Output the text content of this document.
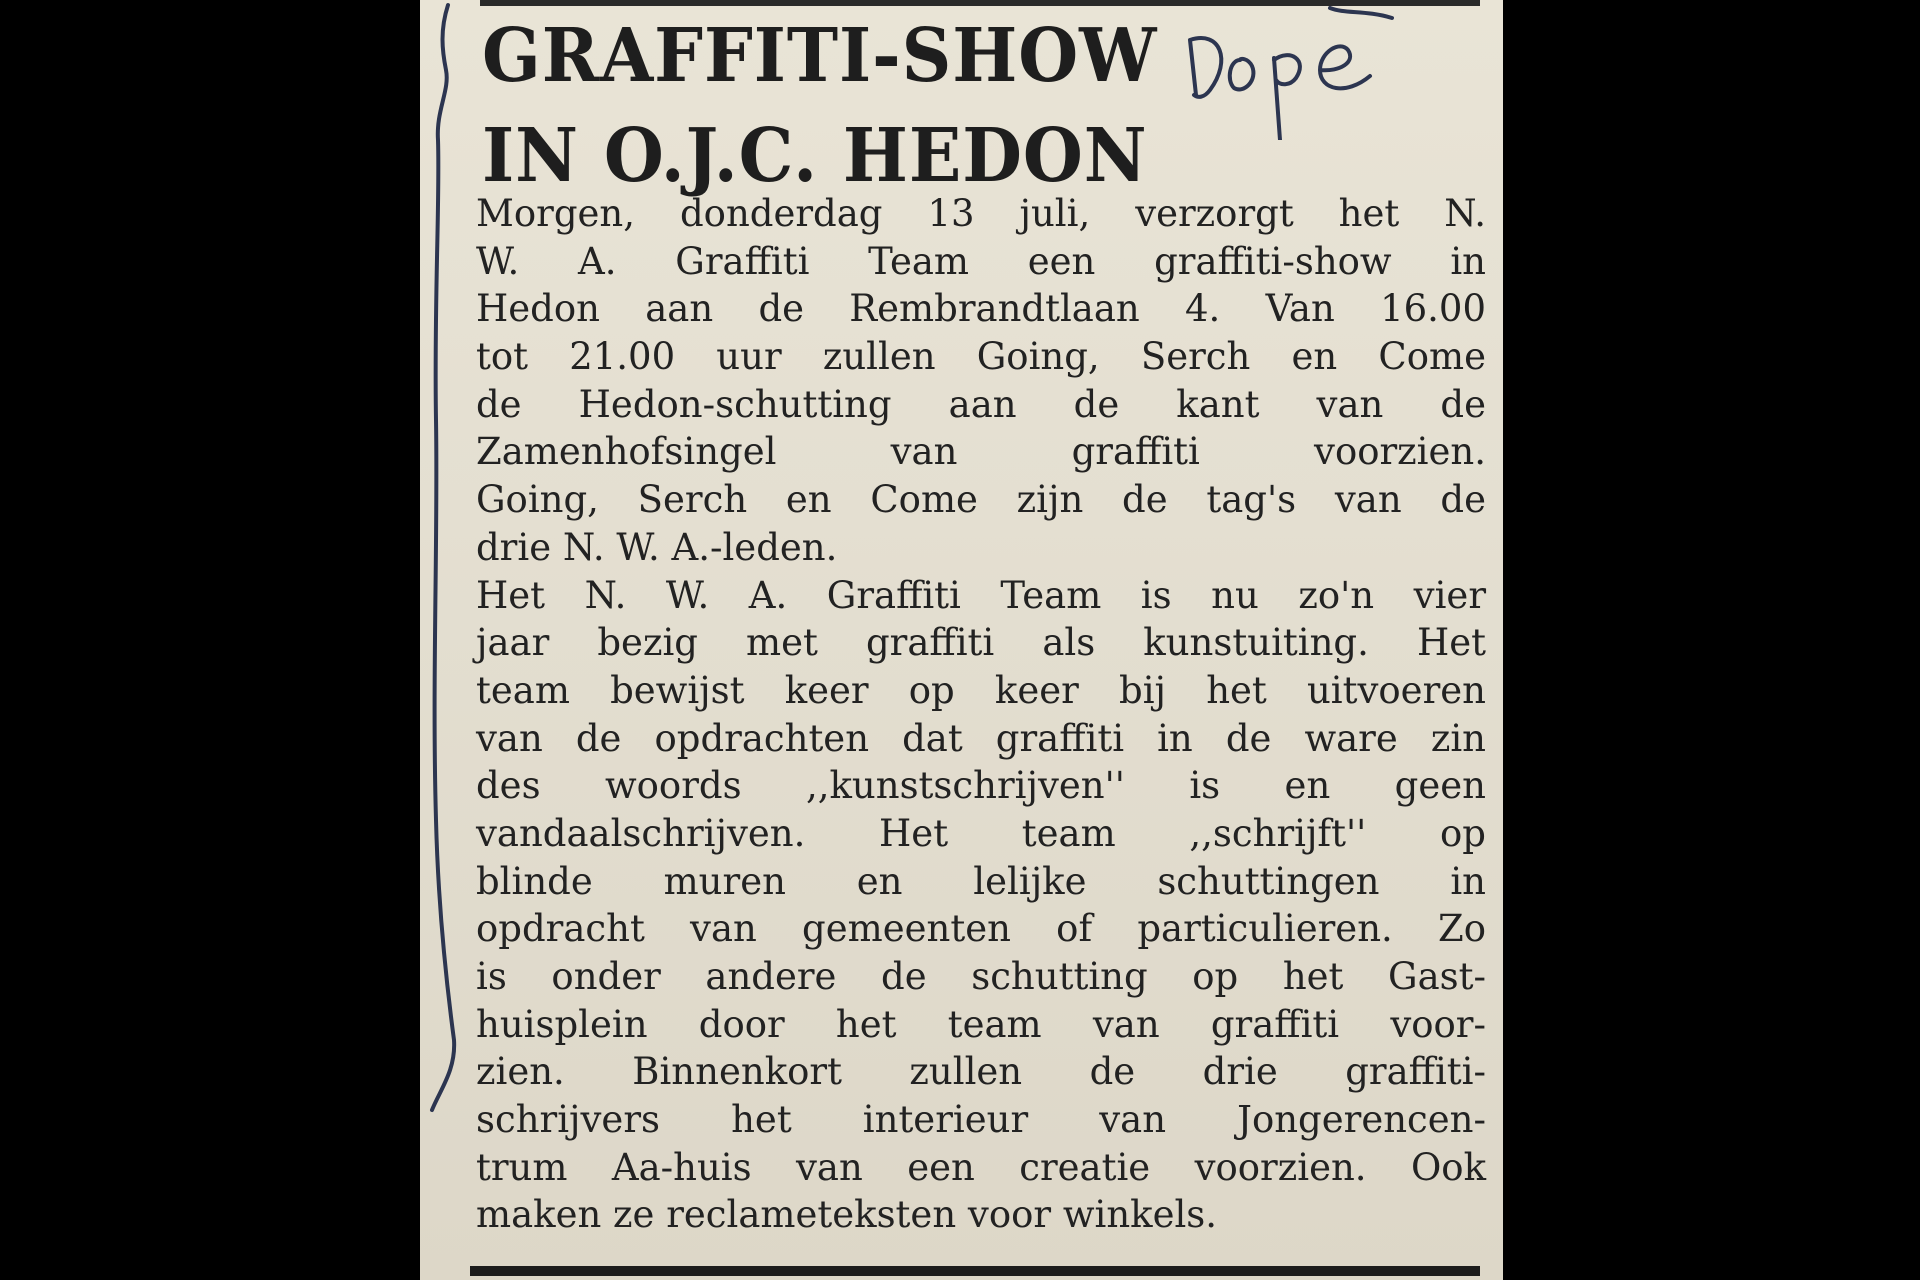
GRAFFITI-SHOW
IN O.J.C. HEDON
Morgen, donderdag 13 juli, verzorgt het N.
W. A. Graffiti Team een graffiti-show in
Hedon aan de Rembrandtlaan 4. Van 16.00
tot 21.00 uur zullen Going, Serch en Come
de Hedon-schutting aan de kant van de
Zamenhofsingel van graffiti voorzien.
Going, Serch en Come zijn de tag's van de
drie N. W. A.-leden.
Het N. W. A. Graffiti Team is nu zo'n vier
jaar bezig met graffiti als kunstuiting. Het
team bewijst keer op keer bij het uitvoeren
van de opdrachten dat graffiti in de ware zin
des woords ,,kunstschrijven'' is en geen
vandaalschrijven. Het team ,,schrijft'' op
blinde muren en lelijke schuttingen in
opdracht van gemeenten of particulieren. Zo
is onder andere de schutting op het Gast-
huisplein door het team van graffiti voor-
zien. Binnenkort zullen de drie graffiti-
schrijvers het interieur van Jongerencen-
trum Aa-huis van een creatie voorzien. Ook
maken ze reclameteksten voor winkels.
